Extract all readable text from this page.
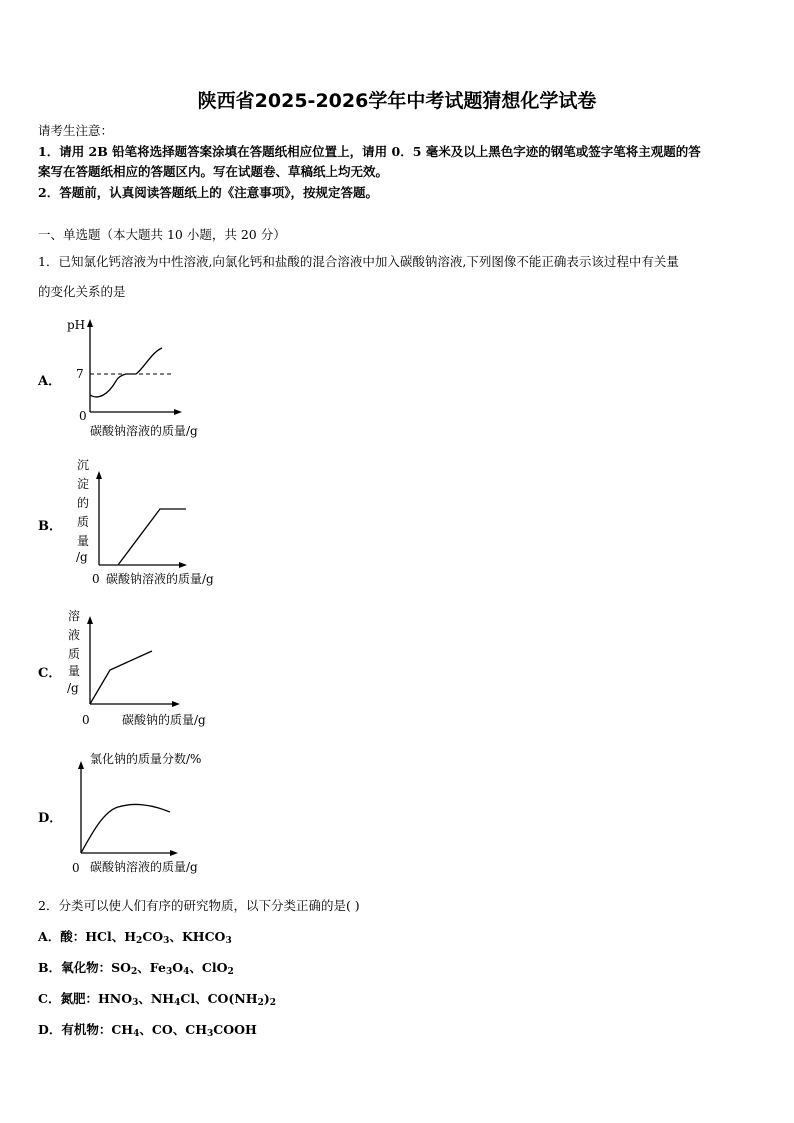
陕西省2025-2026学年中考试题猜想化学试卷
请考生注意：
1．请用 2B 铅笔将选择题答案涂填在答题纸相应位置上，请用 0．5 毫米及以上黑色字迹的钢笔或签字笔将主观题的答
案写在答题纸相应的答题区内。写在试题卷、草稿纸上均无效。
2．答题前，认真阅读答题纸上的《注意事项》，按规定答题。
一、单选题（本大题共 10 小题，共 20 分）
1．已知氯化钙溶液为中性溶液,向氯化钙和盐酸的混合溶液中加入碳酸钠溶液,下列图像不能正确表示该过程中有关量
的变化关系的是
A．
pH
7
0
碳酸钠溶液的质量/g
B．
沉
淀
的
质
量
/g
0 碳酸钠溶液的质量/g
C．
溶
液
质
量
/g
0	碳酸钠的质量/g
D．
氯化钠的质量分数/%
0 碳酸钠溶液的质量/g
2．分类可以使人们有序的研究物质，以下分类正确的是( )
A．酸：HCl、$H_2CO_3$、$KHCO_3$
B．氧化物：$SO_2$、$Fe_3O_4$、ClO$_2$
C．氮肥：$HNO_3$、$NH_4Cl$、$CO(NH_2)_2$
D．有机物：$CH_4$、CO、$CH_3COOH$
